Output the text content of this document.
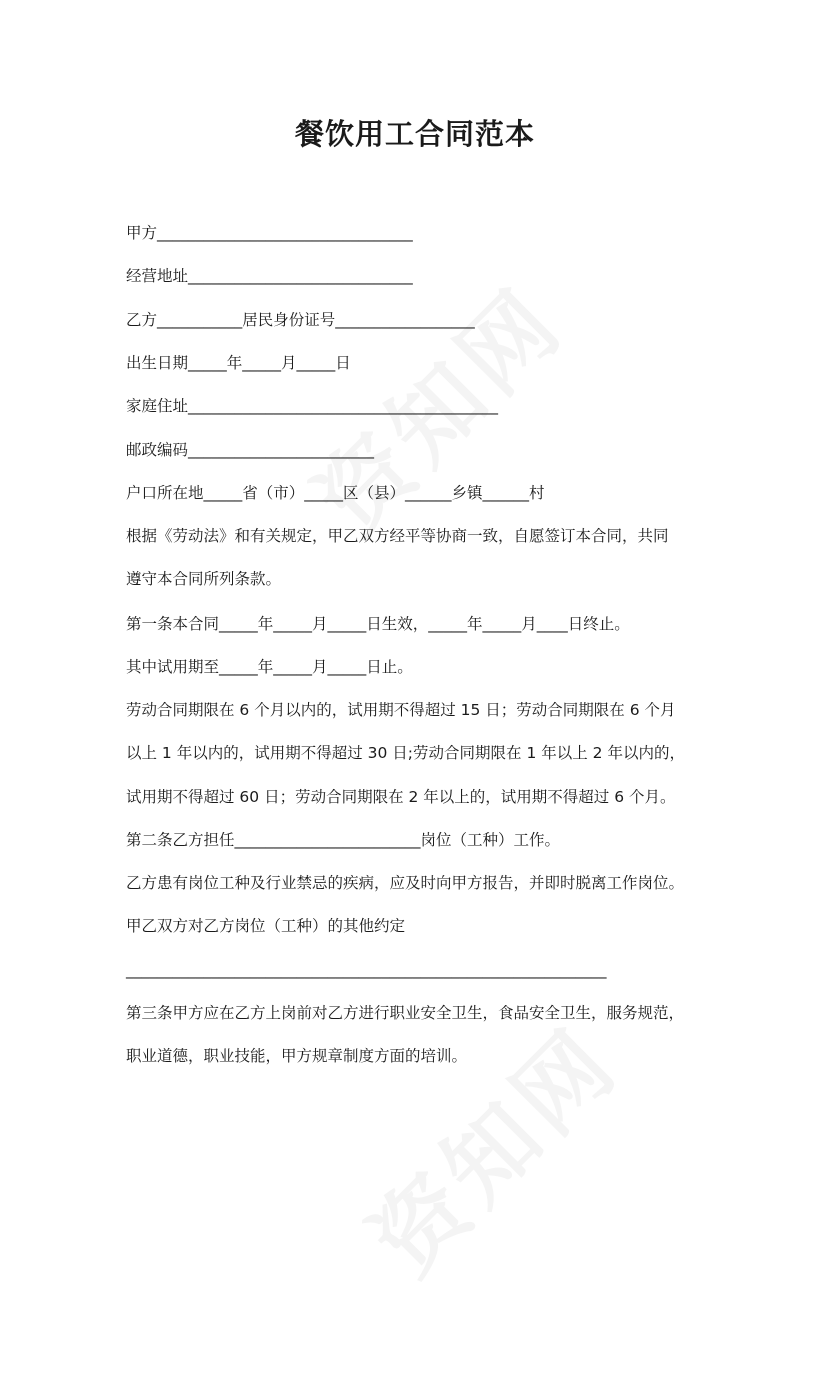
餐饮用工合同范本
甲方_________________________________
经营地址_____________________________
乙方___________居民身份证号__________________
出生日期_____年_____月_____日
家庭住址________________________________________
邮政编码________________________
户口所在地_____省（市）_____区（县）______乡镇______村
根据《劳动法》和有关规定，甲乙双方经平等协商一致，自愿签订本合同，共同
遵守本合同所列条款。
第一条本合同_____年_____月_____日生效，_____年_____月____日终止。
其中试用期至_____年_____月_____日止。
劳动合同期限在 6 个月以内的，试用期不得超过 15 日；劳动合同期限在 6 个月
以上 1 年以内的，试用期不得超过 30 日;劳动合同期限在 1 年以上 2 年以内的，
试用期不得超过 60 日；劳动合同期限在 2 年以上的，试用期不得超过 6 个月。
第二条乙方担任________________________岗位（工种）工作。
乙方患有岗位工种及行业禁忌的疾病，应及时向甲方报告，并即时脱离工作岗位。
甲乙双方对乙方岗位（工种）的其他约定
______________________________________________________________
第三条甲方应在乙方上岗前对乙方进行职业安全卫生，食品安全卫生，服务规范，
职业道德，职业技能，甲方规章制度方面的培训。
